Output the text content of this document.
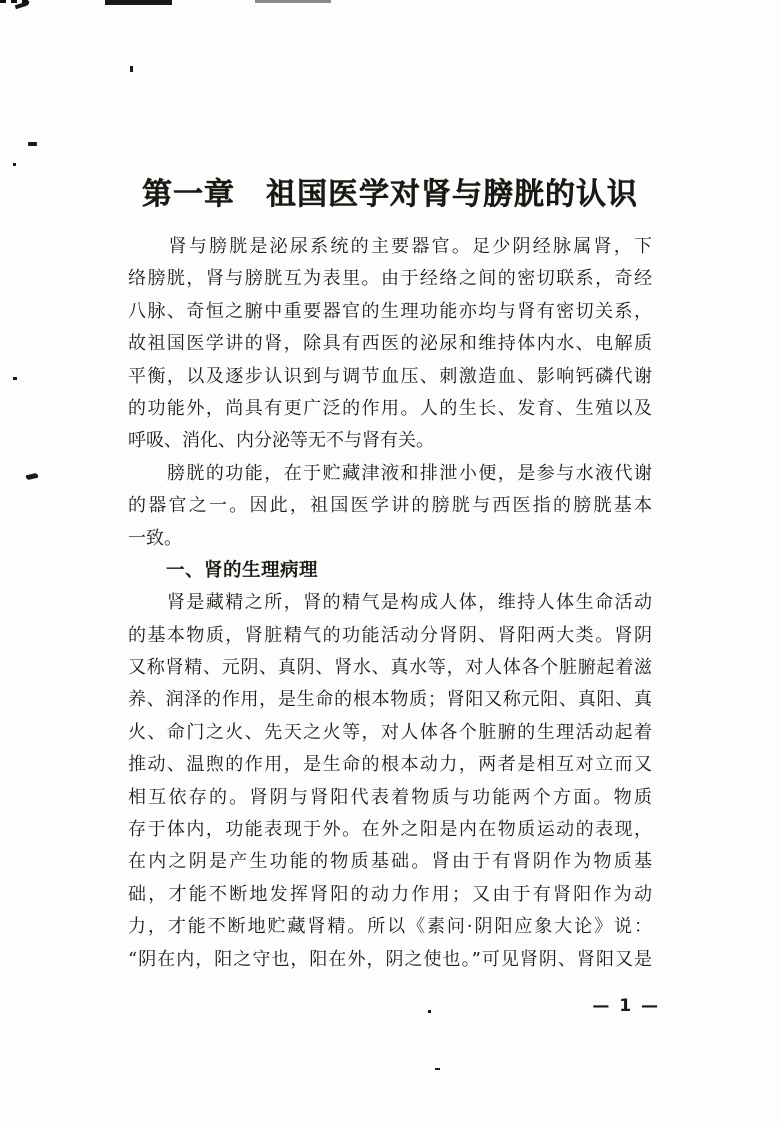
第一章　祖国医学对肾与膀胱的认识
　　肾与膀胱是泌尿系统的主要器官。足少阴经脉属肾，下
络膀胱，肾与膀胱互为表里。由于经络之间的密切联系，奇经
八脉、奇恒之腑中重要器官的生理功能亦均与肾有密切关系，
故祖国医学讲的肾，除具有西医的泌尿和维持体内水、电解质
平衡，以及逐步认识到与调节血压、刺激造血、影响钙磷代谢
的功能外，尚具有更广泛的作用。人的生长、发育、生殖以及
呼吸、消化、内分泌等无不与肾有关。
　　膀胱的功能，在于贮藏津液和排泄小便，是参与水液代谢
的器官之一。因此，祖国医学讲的膀胱与西医指的膀胱基本
一致。
　　一、肾的生理病理
　　肾是藏精之所，肾的精气是构成人体，维持人体生命活动
的基本物质，肾脏精气的功能活动分肾阴、肾阳两大类。肾阴
又称肾精、元阴、真阴、肾水、真水等，对人体各个脏腑起着滋
养、润泽的作用，是生命的根本物质；肾阳又称元阳、真阳、真
火、命门之火、先天之火等，对人体各个脏腑的生理活动起着
推动、温煦的作用，是生命的根本动力，两者是相互对立而又
相互依存的。肾阴与肾阳代表着物质与功能两个方面。物质
存于体内，功能表现于外。在外之阳是内在物质运动的表现，
在内之阴是产生功能的物质基础。肾由于有肾阴作为物质基
础，才能不断地发挥肾阳的动力作用；又由于有肾阳作为动
力，才能不断地贮藏肾精。所以《素问·阴阳应象大论》说：
“阴在内，阳之守也，阳在外，阴之使也。”可见肾阴、肾阳又是
— 1 —
